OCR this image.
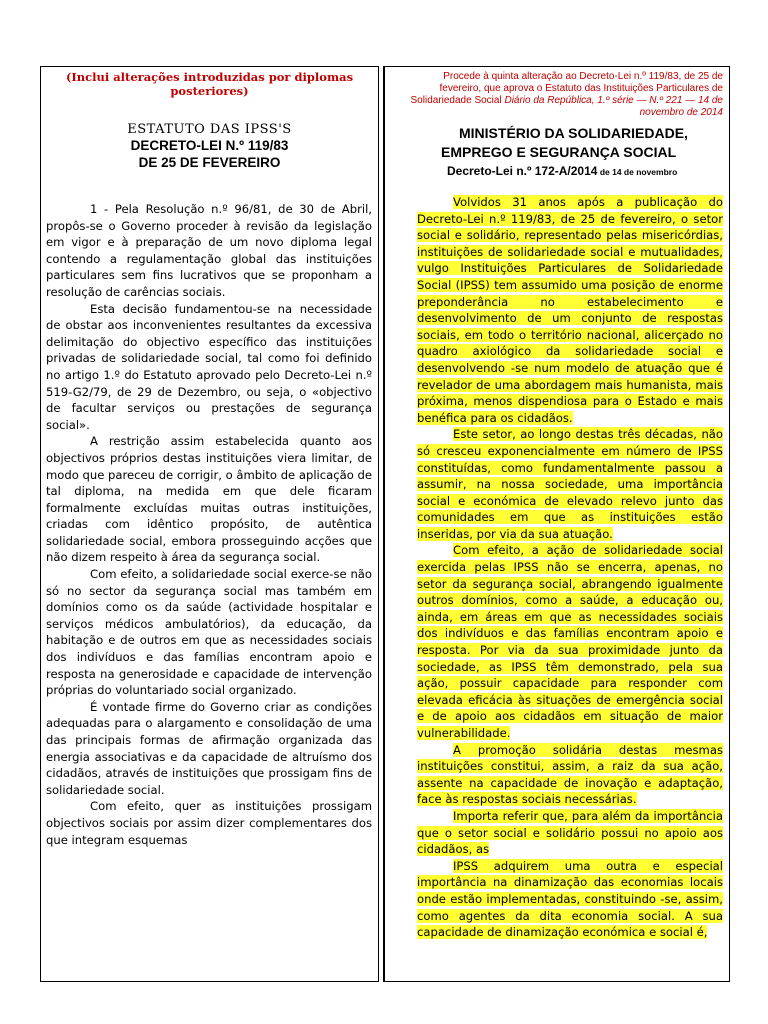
(Inclui alterações introduzidas por diplomas posteriores)
ESTATUTO DAS IPSS'S
DECRETO-LEI N.º 119/83
DE 25 DE FEVEREIRO

1 - Pela Resolução n.º 96/81, de 30 de Abril, propôs-se o Governo proceder à revisão da legislação em vigor e à preparação de um novo diploma legal contendo a regulamentação global das instituições particulares sem fins lucrativos que se proponham a resolução de carências sociais.

Esta decisão fundamentou-se na necessidade de obstar aos inconvenientes resultantes da excessiva delimitação do objectivo específico das instituições privadas de solidariedade social, tal como foi definido no artigo 1.º do Estatuto aprovado pelo Decreto-Lei n.º 519-G2/79, de 29 de Dezembro, ou seja, o «objectivo de facultar serviços ou prestações de segurança social».

A restrição assim estabelecida quanto aos objectivos próprios destas instituições viera limitar, de modo que pareceu de corrigir, o âmbito de aplicação de tal diploma, na medida em que dele ficaram formalmente excluídas muitas outras instituições, criadas com idêntico propósito, de autêntica solidariedade social, embora prosseguindo acções que não dizem respeito à área da segurança social.

Com efeito, a solidariedade social exerce-se não só no sector da segurança social mas também em domínios como os da saúde (actividade hospitalar e serviços médicos ambulatórios), da educação, da habitação e de outros em que as necessidades sociais dos indivíduos e das famílias encontram apoio e resposta na generosidade e capacidade de intervenção próprias do voluntariado social organizado.

É vontade firme do Governo criar as condições adequadas para o alargamento e consolidação de uma das principais formas de afirmação organizada das energia associativas e da capacidade de altruísmo dos cidadãos, através de instituições que prossigam fins de solidariedade social.

Com efeito, quer as instituições prossigam objectivos sociais por assim dizer complementares dos que integram esquemas

Procede à quinta alteração ao Decreto-Lei n.º 119/83, de 25 de fevereiro, que aprova o Estatuto das Instituições Particulares de Solidariedade Social Diário da República, 1.º série — N.º 221 — 14 de novembro de 2014
MINISTÉRIO DA SOLIDARIEDADE,
EMPREGO E SEGURANÇA SOCIAL
Decreto-Lei n.º 172-A/2014 de 14 de novembro

Volvidos 31 anos após a publicação do Decreto-Lei n.º 119/83, de 25 de fevereiro, o setor social e solidário, representado pelas misericórdias, instituições de solidariedade social e mutualidades, vulgo Instituições Particulares de Solidariedade Social (IPSS) tem assumido uma posição de enorme preponderância no estabelecimento e desenvolvimento de um conjunto de respostas sociais, em todo o território nacional, alicerçado no quadro axiológico da solidariedade social e desenvolvendo -se num modelo de atuação que é revelador de uma abordagem mais humanista, mais próxima, menos dispendiosa para o Estado e mais benéfica para os cidadãos.

Este setor, ao longo destas três décadas, não só cresceu exponencialmente em número de IPSS constituídas, como fundamentalmente passou a assumir, na nossa sociedade, uma importância social e económica de elevado relevo junto das comunidades em que as instituições estão inseridas, por via da sua atuação.

Com efeito, a ação de solidariedade social exercida pelas IPSS não se encerra, apenas, no setor da segurança social, abrangendo igualmente outros domínios, como a saúde, a educação ou, ainda, em áreas em que as necessidades sociais dos indivíduos e das famílias encontram apoio e resposta. Por via da sua proximidade junto da sociedade, as IPSS têm demonstrado, pela sua ação, possuir capacidade para responder com elevada eficácia às situações de emergência social e de apoio aos cidadãos em situação de maior vulnerabilidade.

A promoção solidária destas mesmas instituições constitui, assim, a raiz da sua ação, assente na capacidade de inovação e adaptação, face às respostas sociais necessárias.

Importa referir que, para além da importância que o setor social e solidário possui no apoio aos cidadãos, as

IPSS adquirem uma outra e especial importância na dinamização das economias locais onde estão implementadas, constituindo -se, assim, como agentes da dita economia social. A sua capacidade de dinamização económica e social é,
